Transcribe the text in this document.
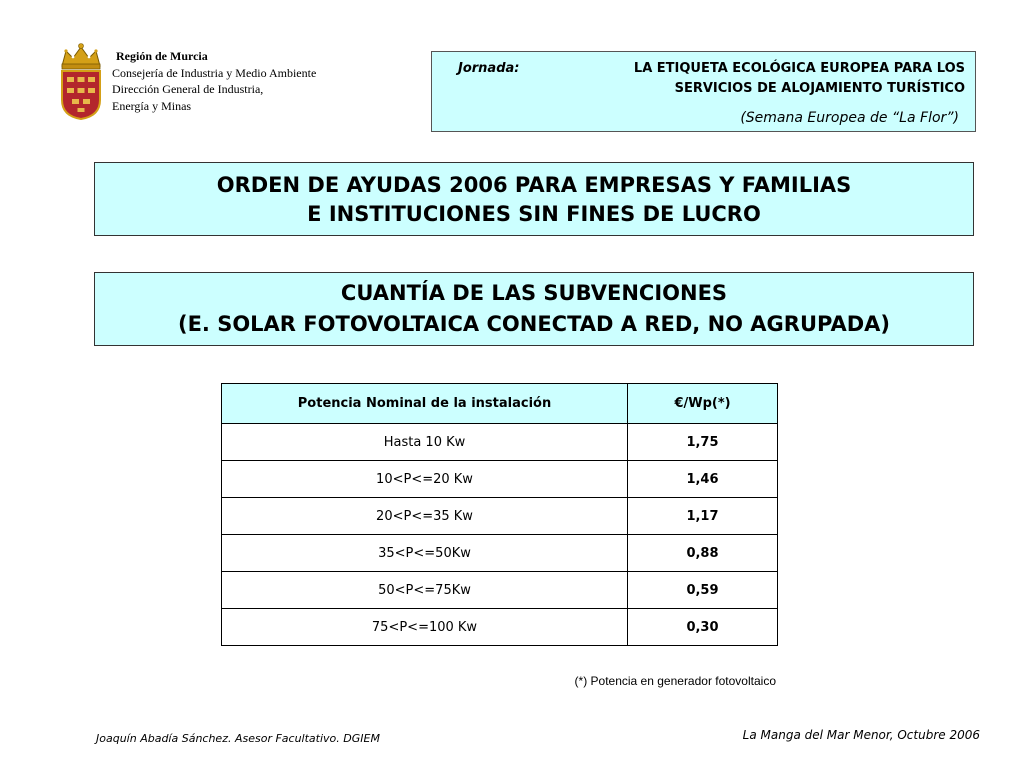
Región de Murcia
Consejería de Industria y Medio Ambiente
Dirección General de Industria,
Energía y Minas
Jornada:	LA ETIQUETA ECOLÓGICA EUROPEA PARA LOS
SERVICIOS DE ALOJAMIENTO TURÍSTICO
(Semana Europea de “La Flor”)
ORDEN DE AYUDAS 2006 PARA EMPRESAS Y FAMILIAS
E INSTITUCIONES SIN FINES DE LUCRO
CUANTÍA DE LAS SUBVENCIONES
(E. SOLAR FOTOVOLTAICA CONECTAD A RED, NO AGRUPADA)
Potencia Nominal de la instalación	€/Wp(*)
Hasta 10 Kw	1,75
10<P<=20 Kw	1,46
20<P<=35 Kw	1,17
35<P<=50Kw	0,88
50<P<=75Kw	0,59
75<P<=100 Kw	0,30
(*) Potencia en generador fotovoltaico
Joaquín Abadía Sánchez. Asesor Facultativo. DGIEM	La Manga del Mar Menor, Octubre 2006
